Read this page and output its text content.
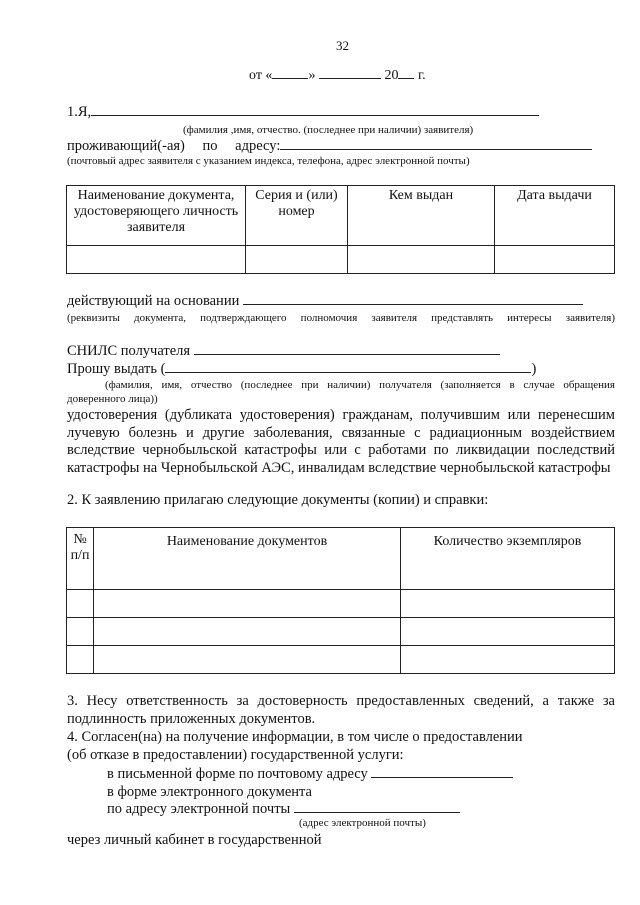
32
от «	»	20 г.
1.Я,
(фамилия ,имя, отчество. (последнее при наличии) заявителя)
проживающий(-ая) по адресу:
(почтовый адрес заявителя с указанием индекса, телефона, адрес электронной почты)
Наименование документа, удостоверяющего личность заявителя	Серия и (или) номер	Кем выдан	Дата выдачи

действующий на основании
(реквизиты документа, подтверждающего полномочия заявителя представлять интересы заявителя)
СНИЛС получателя
Прошу выдать (	)
(фамилия, имя, отчество (последнее при наличии) получателя (заполняется в случае обращения доверенного лица))
удостоверения (дубликата удостоверения) гражданам, получившим или перенесшим лучевую болезнь и другие заболевания, связанные с радиационным воздействием вследствие чернобыльской катастрофы или с работами по ликвидации последствий катастрофы на Чернобыльской АЭС, инвалидам вследствие чернобыльской катастрофы
2. К заявлению прилагаю следующие документы (копии) и справки:
№ п/п	Наименование документов	Количество экземпляров

3. Несу ответственность за достоверность предоставленных сведений, а также за подлинность приложенных документов.
4. Согласен(на) на получение информации, в том числе о предоставлении
(об отказе в предоставлении) государственной услуги:
в письменной форме по почтовому адресу
в форме электронного документа
по адресу электронной почты
(адрес электронной почты)
через личный кабинет в государственной
